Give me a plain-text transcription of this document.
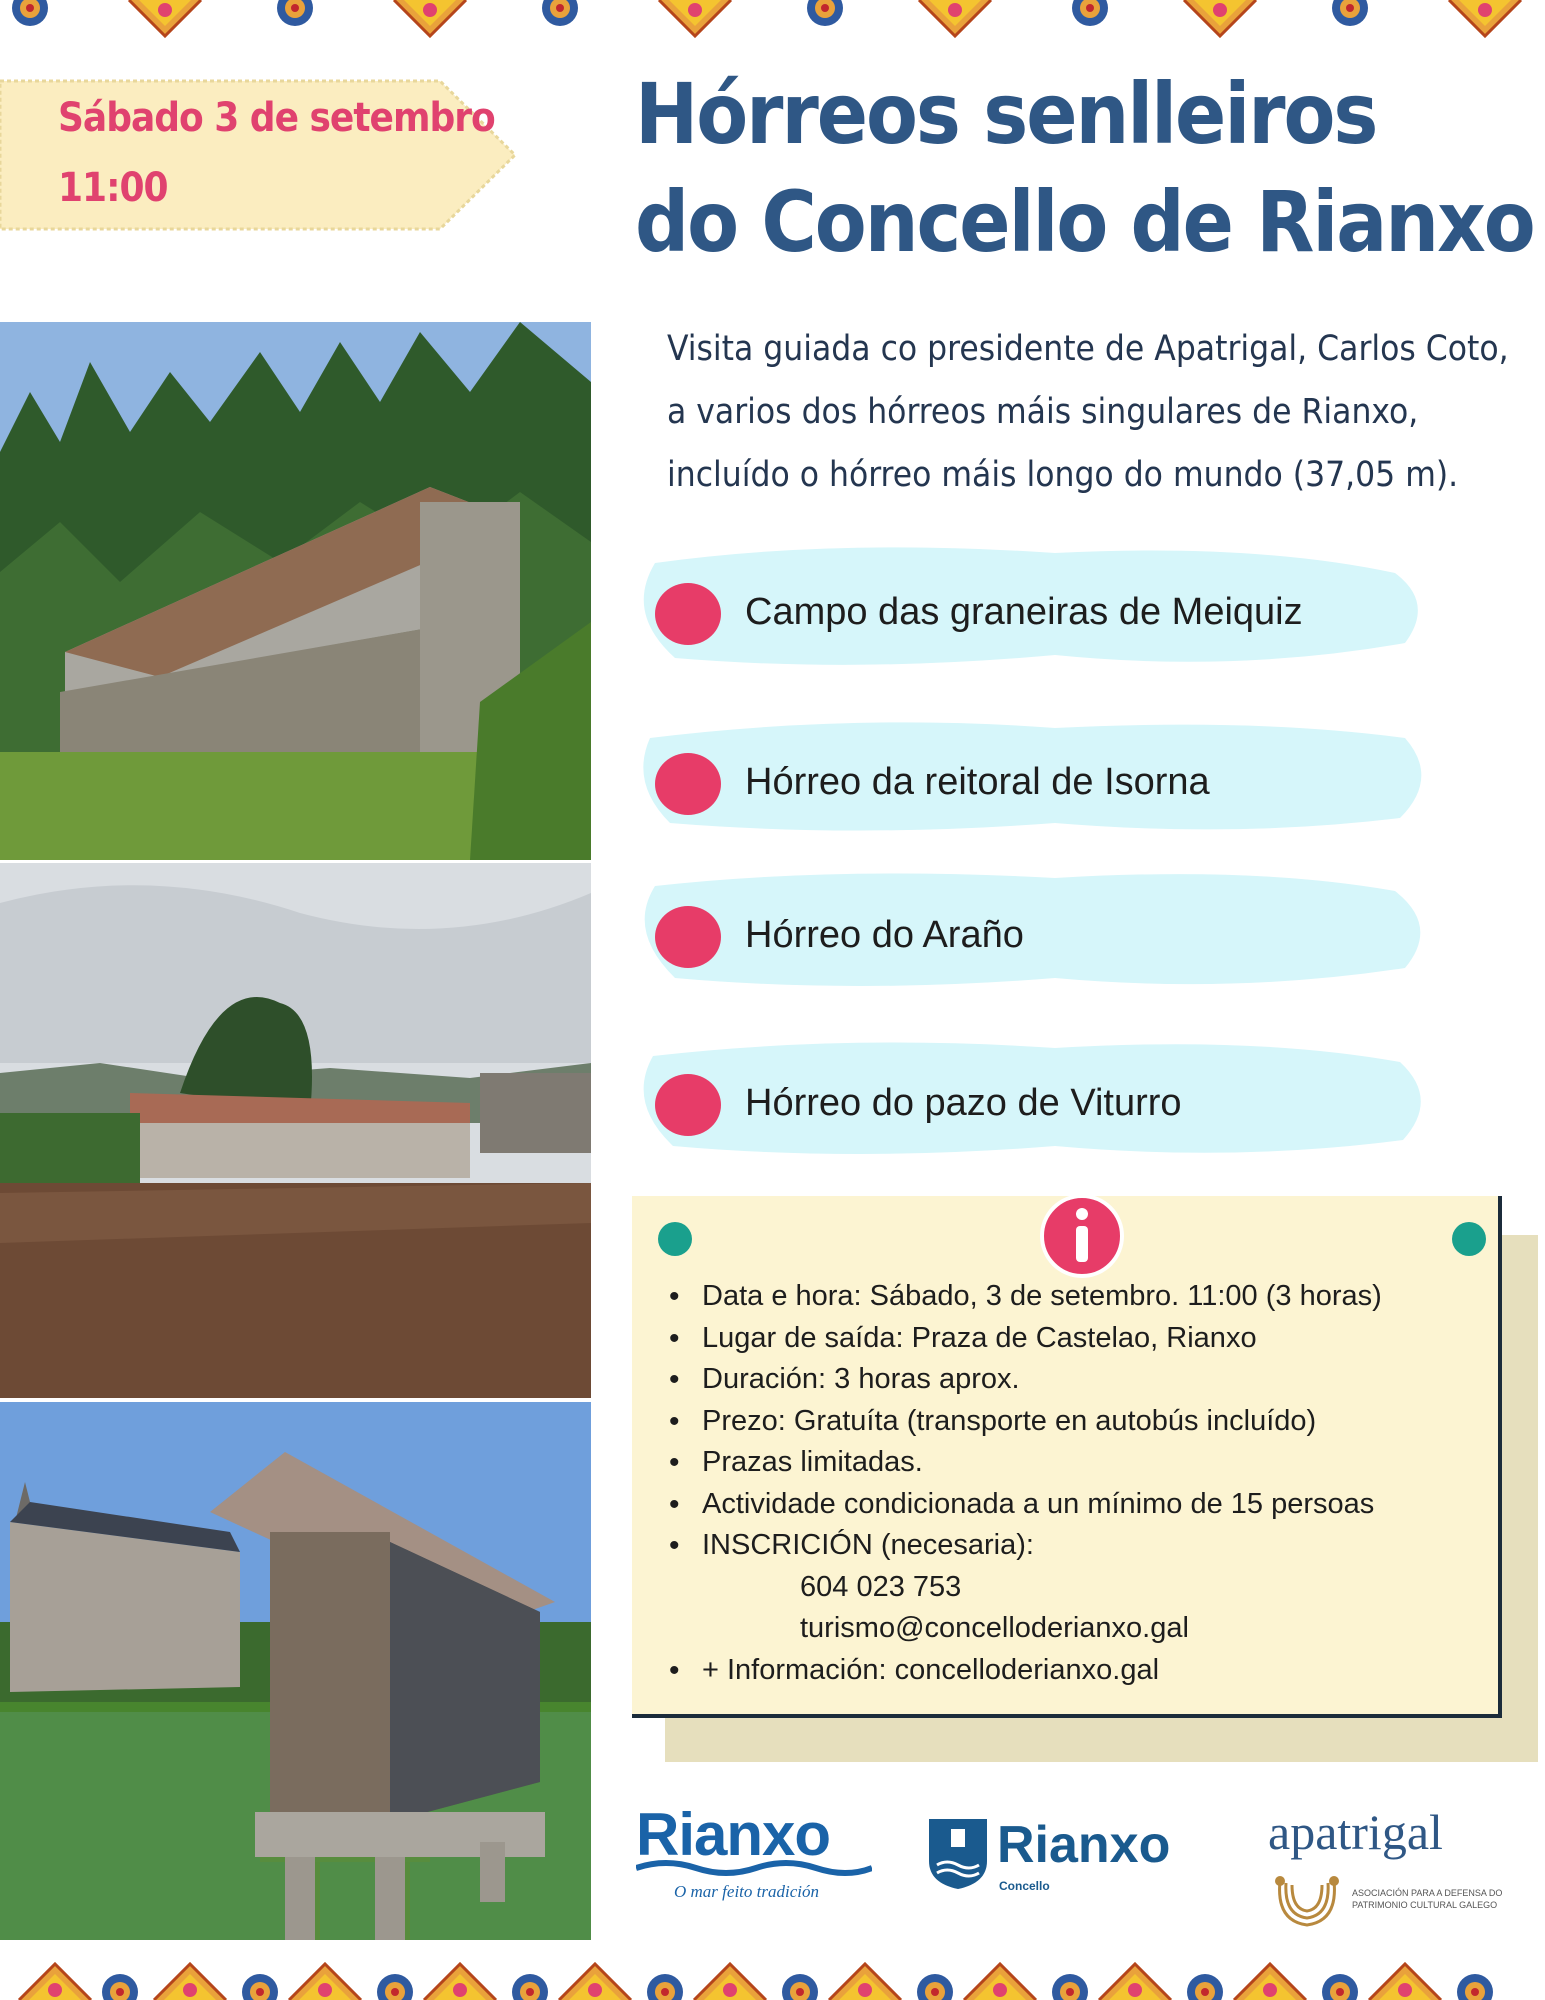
Sábado 3 de setembro
11:00
Hórreos senlleiros
do Concello de Rianxo
Visita guiada co presidente de Apatrigal, Carlos Coto,
a varios dos hórreos máis singulares de Rianxo,
incluído o hórreo máis longo do mundo (37,05 m).
Campo das graneiras de Meiquiz
Hórreo da reitoral de Isorna
Hórreo do Araño
Hórreo do pazo de Viturro
• Data e hora: Sábado, 3 de setembro. 11:00 (3 horas)
• Lugar de saída: Praza de Castelao, Rianxo
• Duración: 3 horas aprox.
• Prezo: Gratuíta (transporte en autobús incluído)
• Prazas limitadas.
• Actividade condicionada a un mínimo de 15 persoas
• INSCRICIÓN (necesaria):
604 023 753
turismo@concelloderianxo.gal
• + Información: concelloderianxo.gal
Rianxo
O mar feito tradición
Rianxo
Concello
apatrigal
ASOCIACIÓN PARA A DEFENSA DO PATRIMONIO CULTURAL GALEGO
